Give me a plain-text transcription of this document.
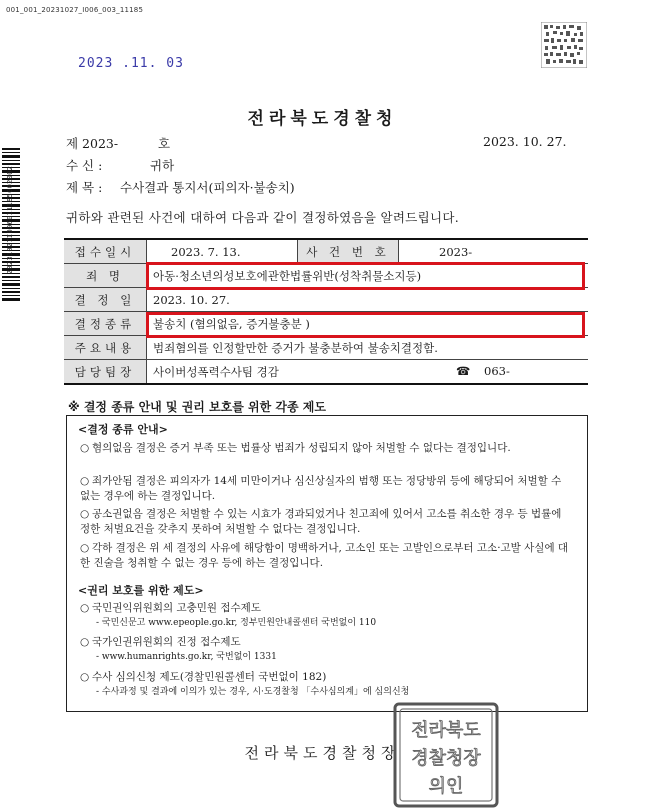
001_001_20231027_I006_003_11185
2023 .11. 03
20231027I00601118500200​2
전라북도경찰청
제 2023-	호	2023. 10. 27.
수 신 :	귀하
제 목 : 수사결과 통지서(피의자·불송치)
귀하와 관련된 사건에 대하여 다음과 같이 결정하였음을 알려드립니다.
접수일시	2023. 7. 13.	사 건 번 호	2023-
죄 명	아동·청소년의성보호에관한법률위반(성착취물소지등)		
결 정 일	2023. 10. 27.		
결정종류	불송치 (혐의없음, 증거불충분 )		
주요내용	범죄혐의를 인정할만한 증거가 불충분하여 불송치결정함.		
담당팀장	사이버성폭력수사팀 경감 ☎ 063-		
※ 결정 종류 안내 및 권리 보호를 위한 각종 제도
<결정 종류 안내>
○ 혐의없음 결정은 증거 부족 또는 법률상 범죄가 성립되지 않아 처벌할 수 없다는 결정입니다.
○ 죄가안됨 결정은 피의자가 14세 미만이거나 심신상실자의 범행 또는 정당방위 등에 해당되어 처벌할 수 없는 경우에 하는 결정입니다.
○ 공소권없음 결정은 처벌할 수 있는 시효가 경과되었거나 친고죄에 있어서 고소를 취소한 경우 등 법률에 정한 처벌요건을 갖추지 못하여 처벌할 수 없다는 결정입니다.
○ 각하 결정은 위 세 결정의 사유에 해당함이 명백하거나, 고소인 또는 고발인으로부터 고소·고발 사실에 대한 진술을 청취할 수 없는 경우 등에 하는 결정입니다.
<권리 보호를 위한 제도>
○ 국민권익위원회의 고충민원 접수제도
- 국민신문고 www.epeople.go.kr, 정부민원안내콜센터 국번없이 110
○ 국가인권위원회의 진정 접수제도
- www.humanrights.go.kr, 국번없이 1331
○ 수사 심의신청 제도(경찰민원콜센터 국번없이 182)
- 수사과정 및 결과에 이의가 있는 경우, 시·도경찰청 「수사심의계」에 심의신청
전라북도경찰청장
전라북도
경찰청장
의인
